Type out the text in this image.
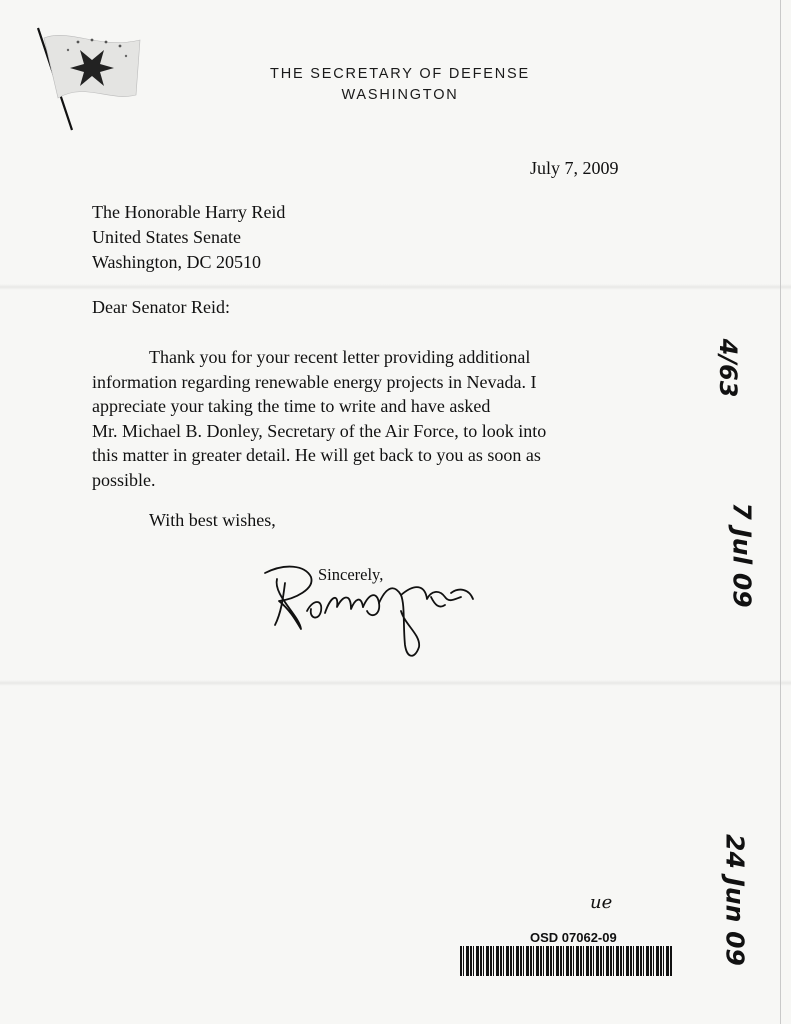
THE SECRETARY OF DEFENSE
WASHINGTON
July 7, 2009
The Honorable Harry Reid
United States Senate
Washington, DC 20510
Dear Senator Reid:
Thank you for your recent letter providing additional
information regarding renewable energy projects in Nevada. I
appreciate your taking the time to write and have asked
Mr. Michael B. Donley, Secretary of the Air Force, to look into
this matter in greater detail. He will get back to you as soon as
possible.
With best wishes,
Sincerely,
4/63
7 Jul 09
24 Jun 09
ue
OSD 07062-09
